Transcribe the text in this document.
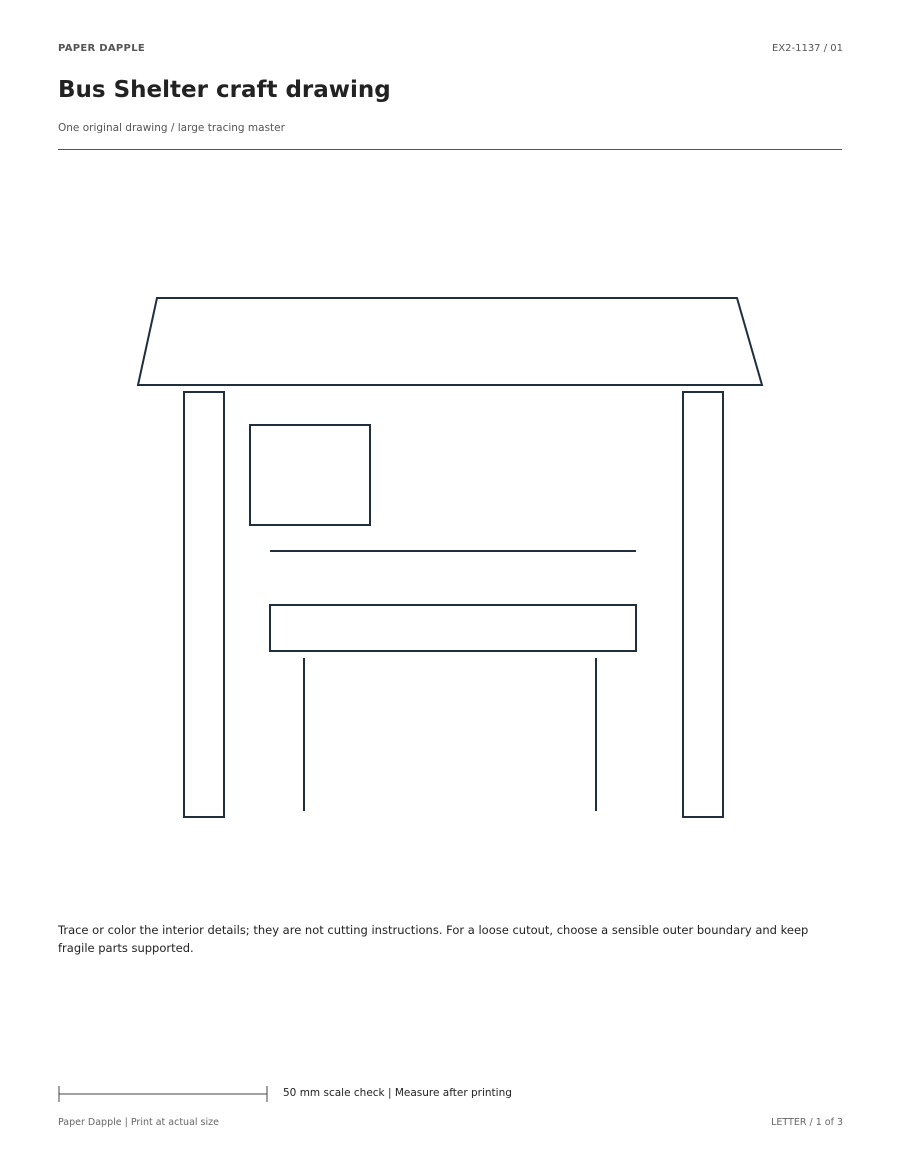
PAPER DAPPLE	EX2-1137 / 01
Bus Shelter craft drawing
One original drawing / large tracing master

Trace or color the interior details; they are not cutting instructions. For a loose cutout, choose a sensible outer boundary and keep fragile parts supported.

50 mm scale check | Measure after printing
Paper Dapple | Print at actual size	LETTER / 1 of 3
